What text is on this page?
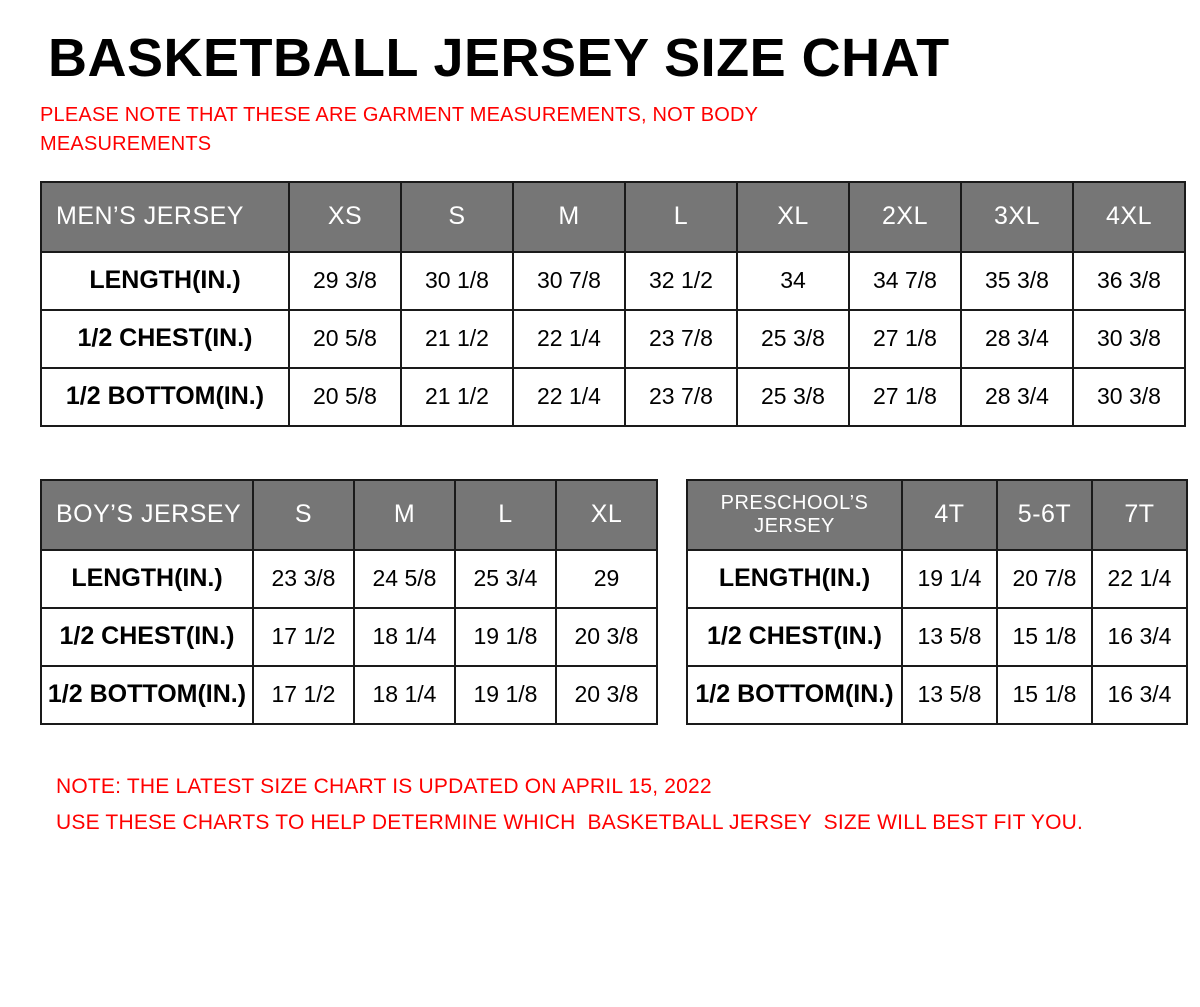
BASKETBALL JERSEY SIZE CHAT

PLEASE NOTE THAT THESE ARE GARMENT MEASUREMENTS, NOT BODY MEASUREMENTS

MEN’S JERSEY	XS	S	M	L	XL	2XL	3XL	4XL
LENGTH(IN.)	29 3/8	30 1/8	30 7/8	32 1/2	34	34 7/8	35 3/8	36 3/8
1/2 CHEST(IN.)	20 5/8	21 1/2	22 1/4	23 7/8	25 3/8	27 1/8	28 3/4	30 3/8
1/2 BOTTOM(IN.)	20 5/8	21 1/2	22 1/4	23 7/8	25 3/8	27 1/8	28 3/4	30 3/8
BOY’S JERSEY	S	M	L	XL
LENGTH(IN.)	23 3/8	24 5/8	25 3/4	29
1/2 CHEST(IN.)	17 1/2	18 1/4	19 1/8	20 3/8
1/2 BOTTOM(IN.)	17 1/2	18 1/4	19 1/8	20 3/8
PRESCHOOL’S JERSEY	4T	5-6T	7T
LENGTH(IN.)	19 1/4	20 7/8	22 1/4
1/2 CHEST(IN.)	13 5/8	15 1/8	16 3/4
1/2 BOTTOM(IN.)	13 5/8	15 1/8	16 3/4
NOTE: THE LATEST SIZE CHART IS UPDATED ON APRIL 15, 2022
USE THESE CHARTS TO HELP DETERMINE WHICH  BASKETBALL JERSEY  SIZE WILL BEST FIT YOU.
